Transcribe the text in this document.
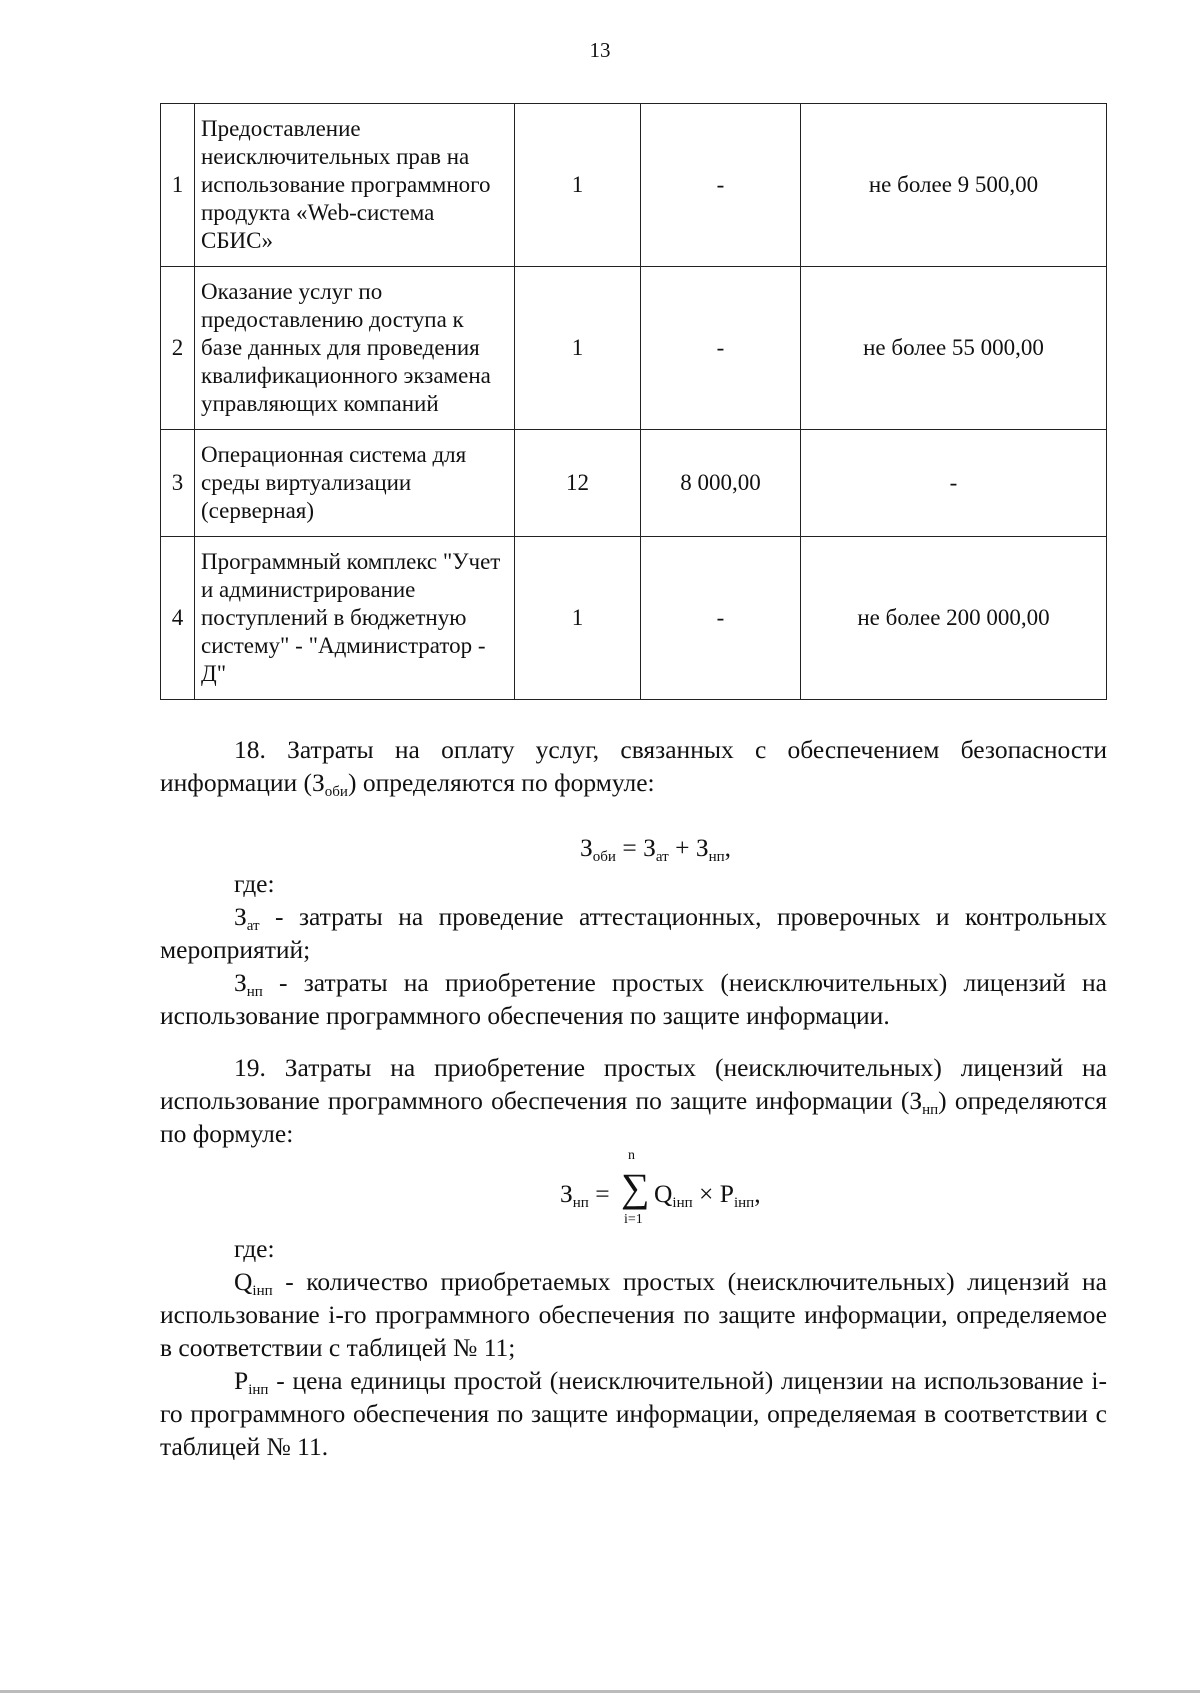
13
1	Предоставление неисключительных прав на использование программного продукта «Web-система СБИС»	1	-	не более 9 500,00
2	Оказание услуг по предоставлению доступа к базе данных для проведения квалификационного экзамена управляющих компаний	1	-	не более 55 000,00
3	Операционная система для среды виртуализации (серверная)	12	8 000,00	-
4	Программный комплекс "Учет и администрирование поступлений в бюджетную систему" - "Администратор - Д"	1	-	не более 200 000,00

18. Затраты на оплату услуг, связанных с обеспечением безопасности информации $(З_{оби})$ определяются по формуле:

$З_{оби} = З_{ат} + З_{нп}$,

где:

$З_{ат}$ - затраты на проведение аттестационных, проверочных и контрольных мероприятий;

$З_{нп}$ - затраты на приобретение простых (неисключительных) лицензий на использование программного обеспечения по защите информации.

19. Затраты на приобретение простых (неисключительных) лицензий на использование программного обеспечения по защите информации $(З_{нп})$ определяются по формуле:

$З_{нп}$ =
n
∑
i=1
$Q_{iнп} \times P_{iнп}$,

где:

$Q_{iнп}$ - количество приобретаемых простых (неисключительных) лицензий на использование i-го программного обеспечения по защите информации, определяемое в соответствии с таблицей № 11;

$P_{iнп}$ - цена единицы простой (неисключительной) лицензии на использование i-го программного обеспечения по защите информации, определяемая в соответствии с таблицей № 11.
